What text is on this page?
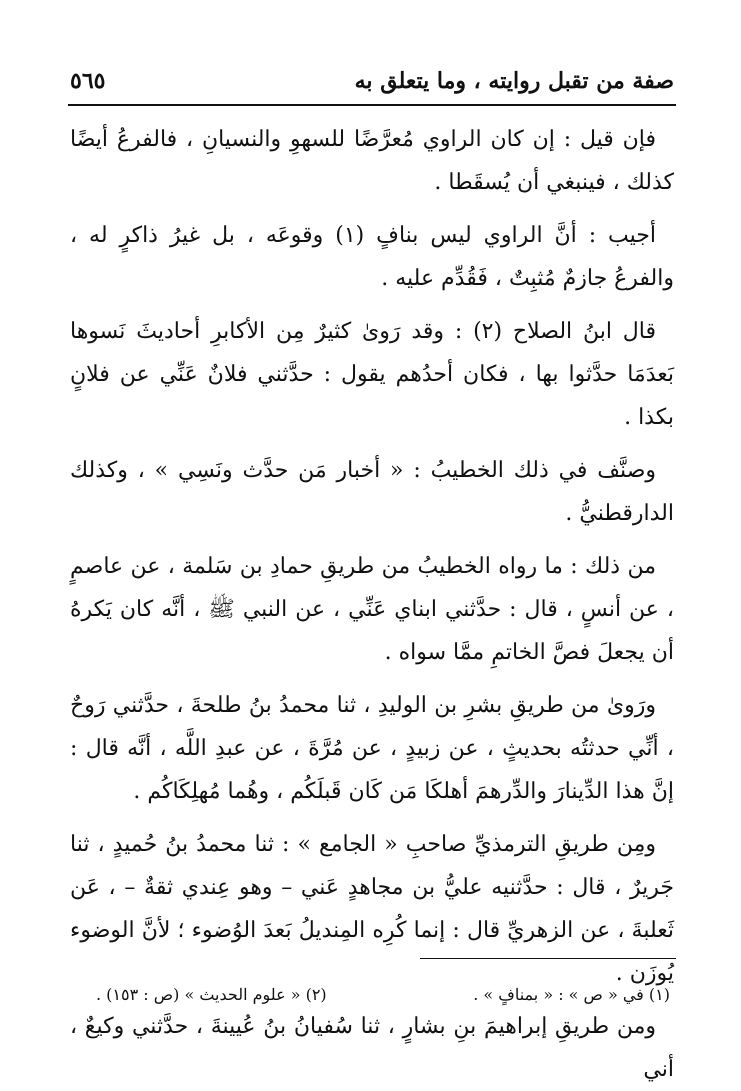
صفة من تقبل روايته ، وما يتعلق به
٥٦٥

فإن قيل : إن كان الراوي مُعرَّضًا للسهوِ والنسيانِ ، فالفرعُ أيضًا كذلك ، فينبغي أن يُسقَطا .

أجيب : أنَّ الراوي ليس بنافٍ (١) وقوعَه ، بل غيرُ ذاكرٍ له ، والفرعُ جازمٌ مُثبِتٌ ، فَقُدِّم عليه .

قال ابنُ الصلاح (٢) : وقد رَوىٰ كثيرٌ مِن الأكابرِ أحاديثَ نَسوها بَعدَمَا حدَّثوا بها ، فكان أحدُهم يقول : حدَّثني فلانٌ عَنِّي عن فلانٍ بكذا .

وصنَّف في ذلك الخطيبُ : « أخبار مَن حدَّث ونَسِي » ، وكذلك الدارقطنيُّ .

من ذلك : ما رواه الخطيبُ من طريقِ حمادِ بن سَلمة ، عن عاصمٍ ، عن أنسٍ ، قال : حدَّثني ابناي عَنِّي ، عن النبي ﷺ ، أنَّه كان يَكرهُ أن يجعلَ فصَّ الخاتمِ ممَّا سواه .

ورَوىٰ من طريقِ بشرِ بن الوليدِ ، ثنا محمدُ بنُ طلحةَ ، حدَّثني رَوحٌ ، أنِّي حدثتُه بحديثٍ ، عن زبيدٍ ، عن مُرَّةَ ، عن عبدِ اللَّه ، أنَّه قال : إنَّ هذا الدِّينارَ والدِّرهمَ أهلكَا مَن كَان قَبلَكُم ، وهُما مُهلِكَاكُم .

ومِن طريقِ الترمذيِّ صاحبِ « الجامع » : ثنا محمدُ بنُ حُميدٍ ، ثنا جَريرٌ ، قال : حدَّثنيه عليُّ بن مجاهدٍ عَني – وهو عِندي ثقةٌ – ، عَن ثَعلبةَ ، عن الزهريِّ قال : إنما كُرِه المِنديلُ بَعدَ الوُضوء ؛ لأنَّ الوضوء يُوزَن .

ومن طريقِ إبراهيمَ بنِ بشارٍ ، ثنا سُفيانُ بنُ عُيينةَ ، حدَّثني وكيعٌ ، أني

(١) في « ص » : « بمنافٍ » .
(٢) « علوم الحديث » (ص : ١٥٣) .
